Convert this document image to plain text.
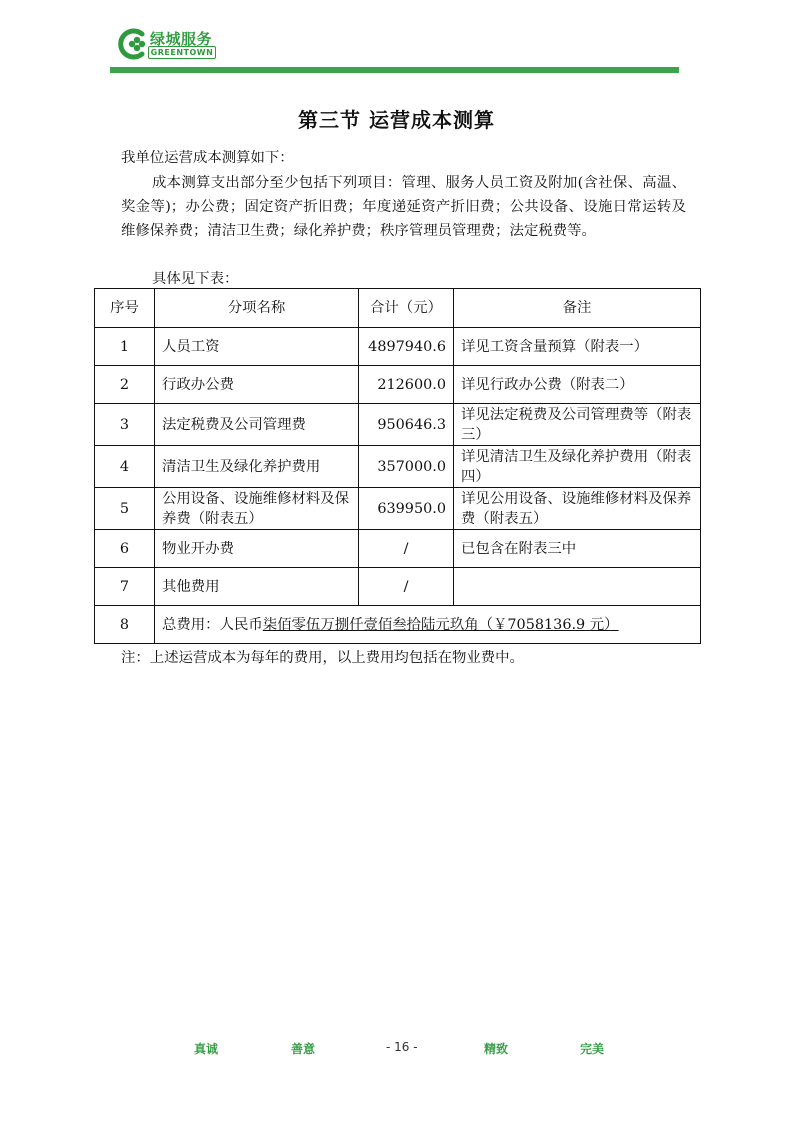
绿城服务
GREENTOWN
第三节 运营成本测算

我单位运营成本测算如下：

成本测算支出部分至少包括下列项目：管理、服务人员工资及附加(含社保、高温、奖金等)；办公费；固定资产折旧费；年度递延资产折旧费；公共设备、设施日常运转及维修保养费；清洁卫生费；绿化养护费；秩序管理员管理费；法定税费等。

具体见下表：

序号	分项名称	合计（元）	备注
1	人员工资	4897940.6	详见工资含量预算（附表一）
2	行政办公费	212600.0	详见行政办公费（附表二）
3	法定税费及公司管理费	950646.3	详见法定税费及公司管理费等（附表三）
4	清洁卫生及绿化养护费用	357000.0	详见清洁卫生及绿化养护费用（附表四）
5	公用设备、设施维修材料及保养费（附表五）	639950.0	详见公用设备、设施维修材料及保养费（附表五）
6	物业开办费	/	已包含在附表三中
7	其他费用	/	
8	总费用：人民币柒佰零伍万捌仟壹佰叁拾陆元玖角（￥7058136.9 元）		

注：上述运营成本为每年的费用，以上费用均包括在物业费中。

真诚	善意	- 16 -	精致	完美
